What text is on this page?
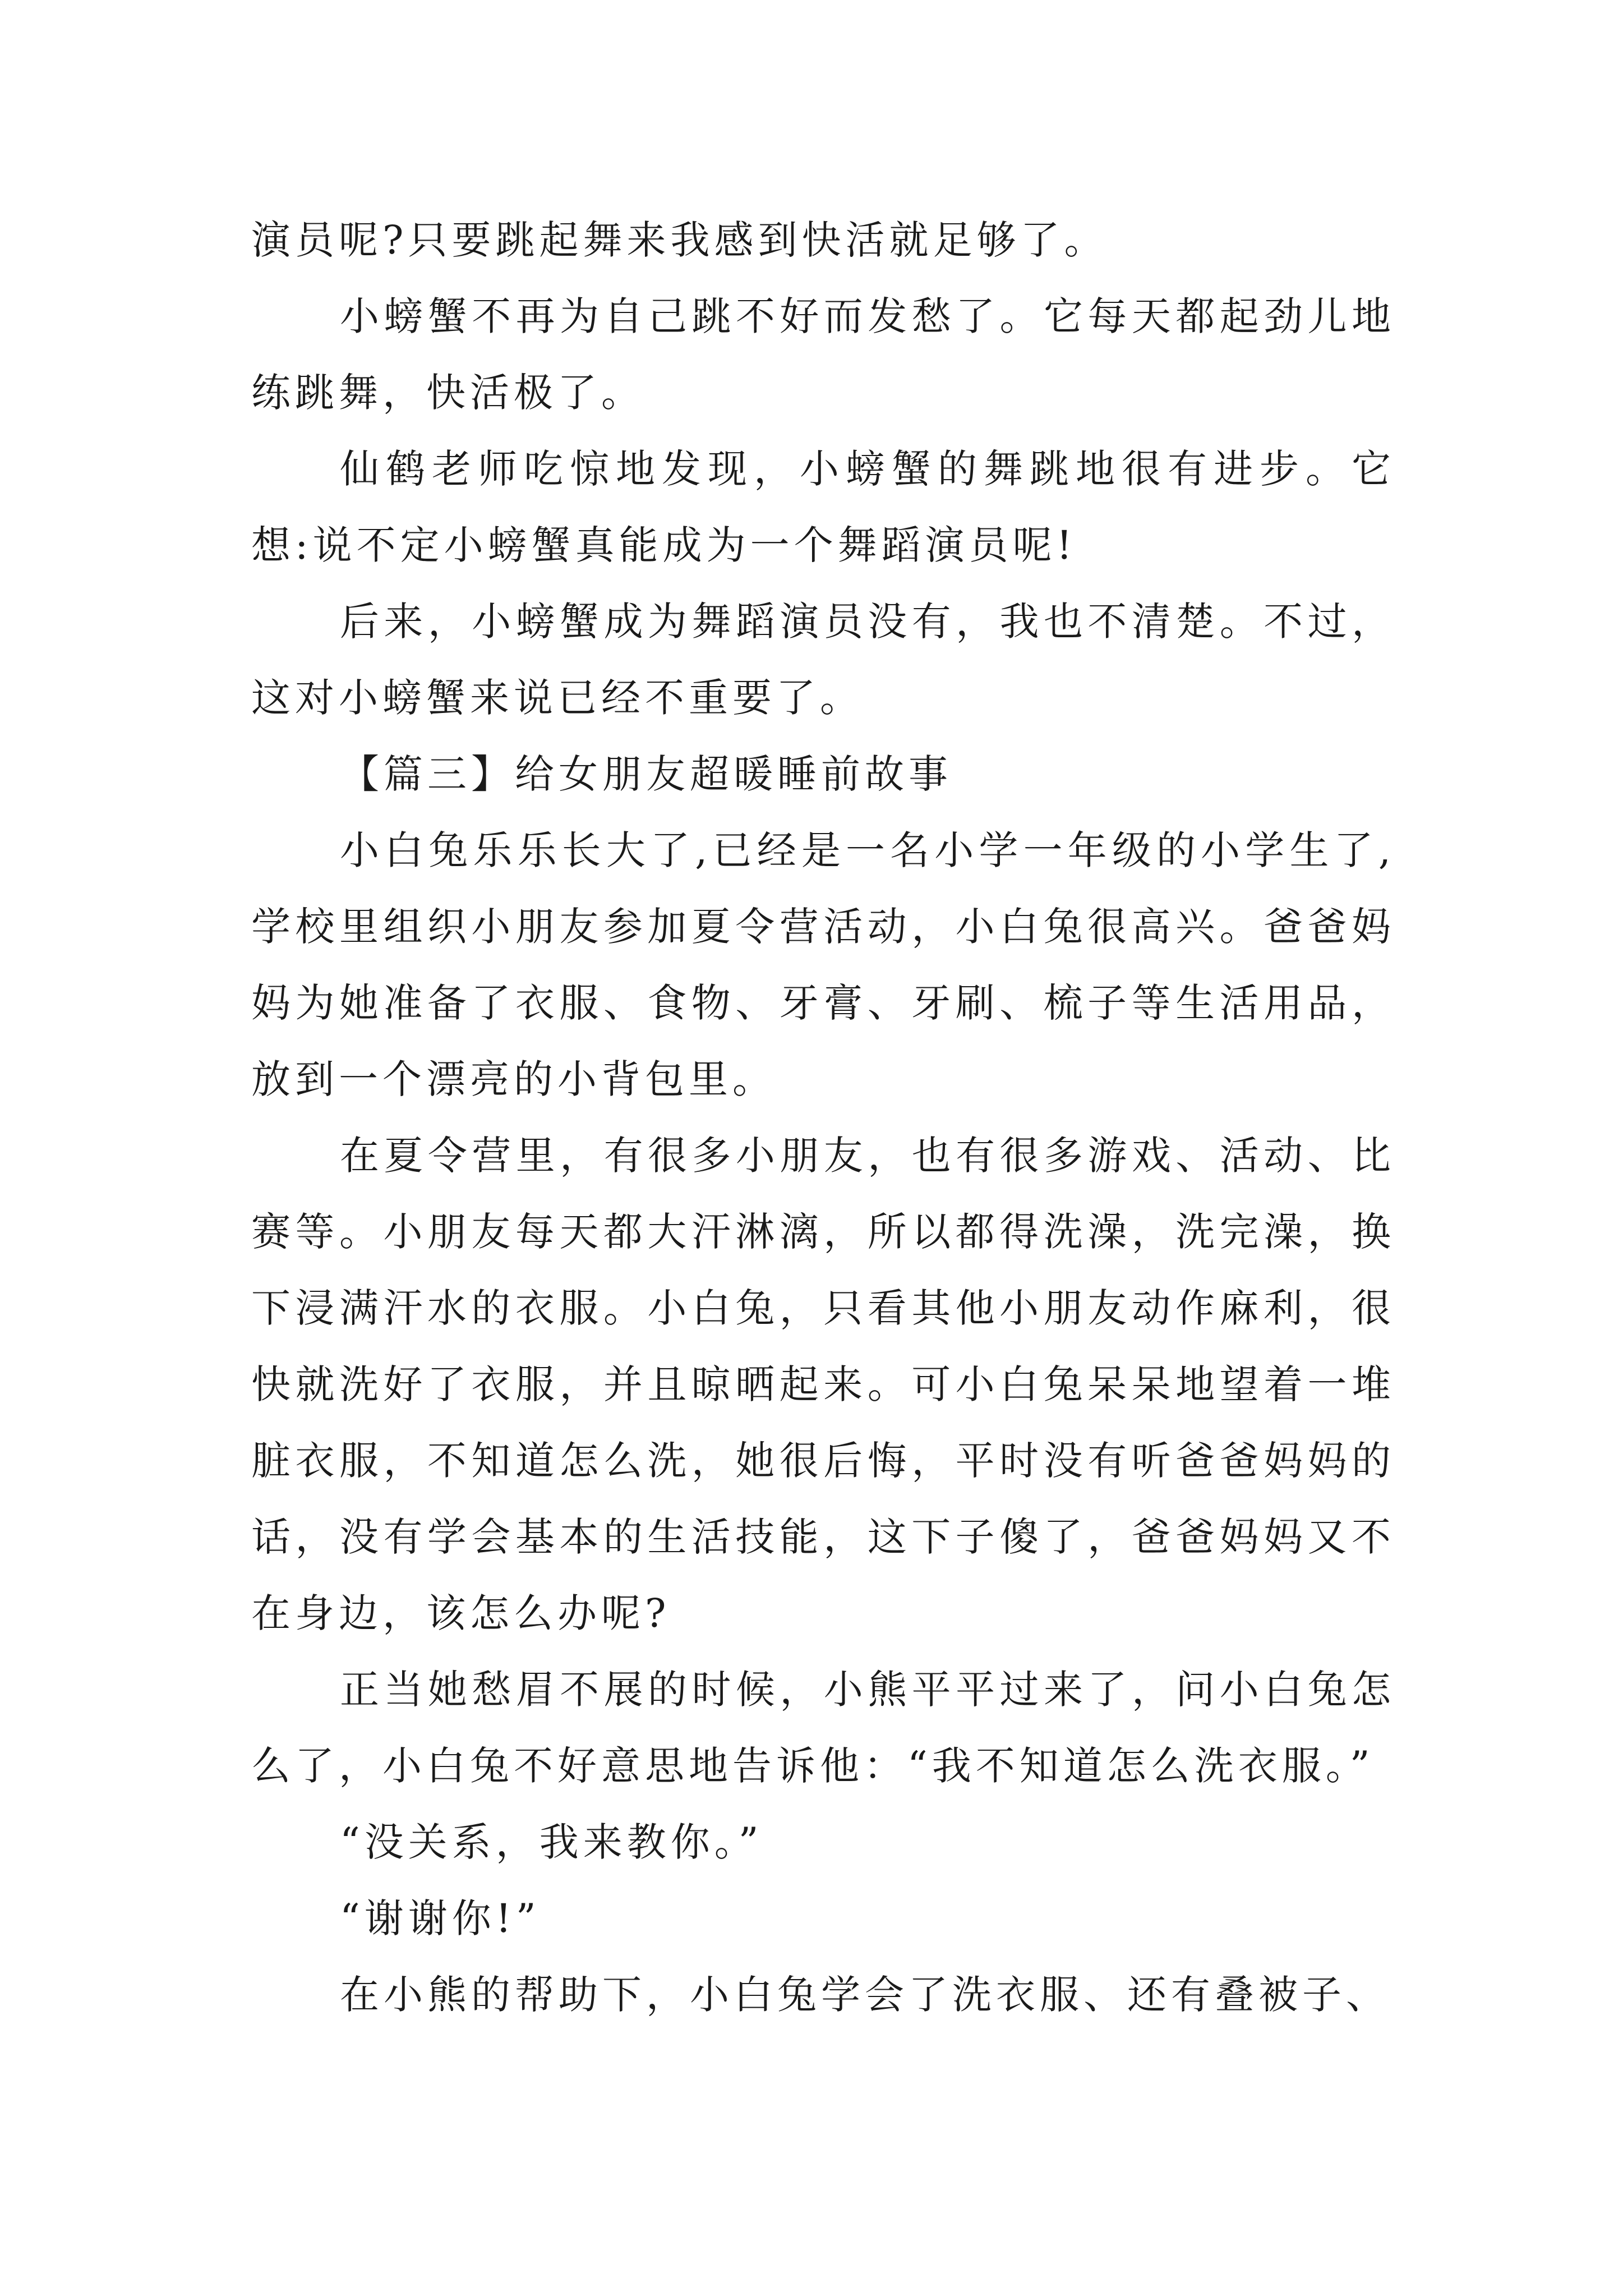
演员呢?只要跳起舞来我感到快活就足够了。

小螃蟹不再为自己跳不好而发愁了。它每天都起劲儿地练跳舞，快活极了。

仙鹤老师吃惊地发现，小螃蟹的舞跳地很有进步。它想:说不定小螃蟹真能成为一个舞蹈演员呢!

后来，小螃蟹成为舞蹈演员没有，我也不清楚。不过，这对小螃蟹来说已经不重要了。

【篇三】给女朋友超暖睡前故事

小白兔乐乐长大了,已经是一名小学一年级的小学生了,学校里组织小朋友参加夏令营活动，小白兔很高兴。爸爸妈妈为她准备了衣服、食物、牙膏、牙刷、梳子等生活用品，放到一个漂亮的小背包里。

在夏令营里，有很多小朋友，也有很多游戏、活动、比赛等。小朋友每天都大汗淋漓，所以都得洗澡，洗完澡，换下浸满汗水的衣服。小白兔，只看其他小朋友动作麻利，很快就洗好了衣服，并且晾晒起来。可小白兔呆呆地望着一堆脏衣服，不知道怎么洗，她很后悔，平时没有听爸爸妈妈的话，没有学会基本的生活技能，这下子傻了，爸爸妈妈又不在身边，该怎么办呢?

正当她愁眉不展的时候，小熊平平过来了，问小白兔怎么了，小白兔不好意思地告诉他：“我不知道怎么洗衣服。”

“没关系，我来教你。”

“谢谢你!”

在小熊的帮助下，小白兔学会了洗衣服、还有叠被子、
